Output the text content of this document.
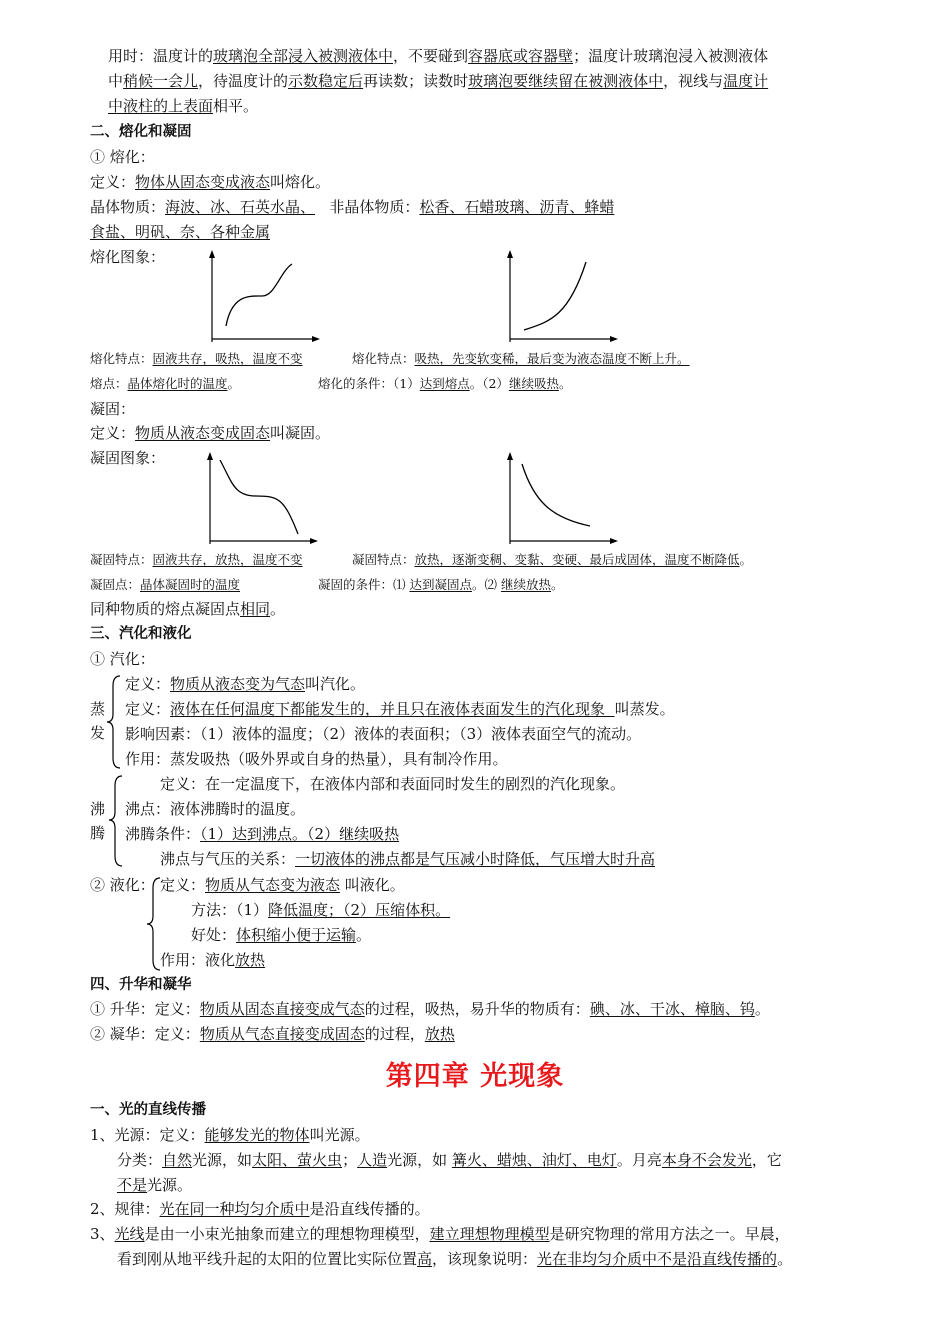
用时：温度计的玻璃泡全部浸入被测液体中，不要碰到容器底或容器壁；温度计玻璃泡浸入被测液体
中稍候一会儿，待温度计的示数稳定后再读数；读数时玻璃泡要继续留在被测液体中，视线与温度计
中液柱的上表面相平。
二、熔化和凝固
① 熔化：
定义：物体从固态变成液态叫熔化。
晶体物质：海波、冰、石英水晶、   非晶体物质：松香、石蜡玻璃、沥青、蜂蜡
食盐、明矾、奈、各种金属
熔化图象：
熔化特点：固液共存，吸热，温度不变	熔化特点：吸热，先变软变稀，最后变为液态温度不断上升。
熔点：晶体熔化时的温度。	熔化的条件：（1）达到熔点。（2）继续吸热。
凝固：
定义：物质从液态变成固态叫凝固。
凝固图象：
凝固特点：固液共存，放热，温度不变	凝固特点：放热，逐渐变稠、变黏、变硬、最后成固体，温度不断降低。
凝固点：晶体凝固时的温度	凝固的条件：⑴ 达到凝固点。⑵ 继续放热。
同种物质的熔点凝固点相同。
三、汽化和液化
① 汽化：
蒸
发
定义：物质从液态变为气态叫汽化。
定义：液体在任何温度下都能发生的，并且只在液体表面发生的汽化现象  叫蒸发。
影响因素：（1）液体的温度；（2）液体的表面积；（3）液体表面空气的流动。
作用：蒸发吸热（吸外界或自身的热量），具有制冷作用。
沸
腾
定义：在一定温度下，在液体内部和表面同时发生的剧烈的汽化现象。
沸点：液体沸腾时的温度。
沸腾条件：（1）达到沸点。（2）继续吸热
沸点与气压的关系：一切液体的沸点都是气压减小时降低，气压增大时升高
② 液化： 定义：物质从气态变为液态 叫液化。
方法：（1）降低温度；（2）压缩体积。
好处：体积缩小便于运输。
作用：液化放热
四、升华和凝华
① 升华：定义：物质从固态直接变成气态的过程，吸热，易升华的物质有：碘、冰、干冰、樟脑、钨。
② 凝华：定义：物质从气态直接变成固态的过程，放热
第四章 光现象
一、光的直线传播
1、光源：定义：能够发光的物体叫光源。
分类：自然光源，如太阳、萤火虫；人造光源，如 篝火、蜡烛、油灯、电灯。月亮本身不会发光，它
不是光源。
2、规律：光在同一种均匀介质中是沿直线传播的。
3、光线是由一小束光抽象而建立的理想物理模型，建立理想物理模型是研究物理的常用方法之一。早晨，
看到刚从地平线升起的太阳的位置比实际位置高，该现象说明：光在非均匀介质中不是沿直线传播的。
